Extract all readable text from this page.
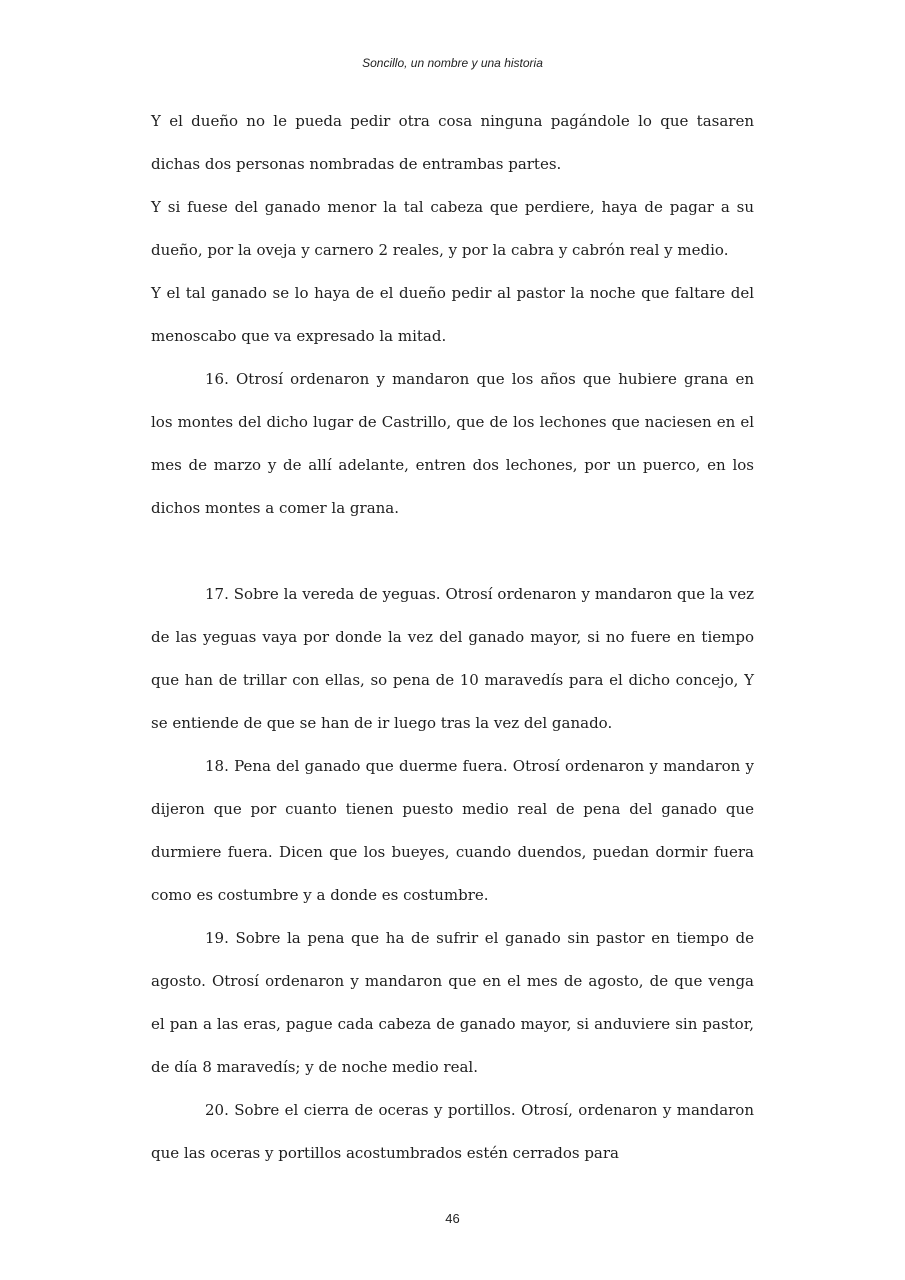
Soncillo, un nombre y una historia

Y el dueño no le pueda pedir otra cosa ninguna pagándole lo que tasaren dichas dos personas nombradas de entrambas partes.

Y si fuese del ganado menor la tal cabeza que perdiere, haya de pagar a su dueño, por la oveja y carnero 2 reales, y por la cabra y cabrón real y medio.

Y el tal ganado se lo haya de el dueño pedir al pastor la noche que faltare del menoscabo que va expresado la mitad.

16. Otrosí ordenaron y mandaron que los años que hubiere grana en los montes del dicho lugar de Castrillo, que de los lechones que naciesen en el mes de marzo y de allí adelante, entren dos lechones, por un puerco, en los dichos montes a comer la grana.

17. Sobre la vereda de yeguas. Otrosí ordenaron y mandaron que la vez de las yeguas vaya por donde la vez del ganado mayor, si no fuere en tiempo que han de trillar con ellas, so pena de 10 maravedís para el dicho concejo, Y se entiende de que se han de ir luego tras la vez del ganado.

18. Pena del ganado que duerme fuera. Otrosí ordenaron y mandaron y dijeron que por cuanto tienen puesto medio real de pena del ganado que durmiere fuera. Dicen que los bueyes, cuando duendos, puedan dormir fuera como es costumbre y a donde es costumbre.

19. Sobre la pena que ha de sufrir el ganado sin pastor en tiempo de agosto. Otrosí ordenaron y mandaron que en el mes de agosto, de que venga el pan a las eras, pague cada cabeza de ganado mayor, si anduviere sin pastor, de día 8 maravedís; y de noche medio real.

20. Sobre el cierra de oceras y portillos. Otrosí, ordenaron y mandaron que las oceras y portillos acostumbrados estén cerrados para

46
